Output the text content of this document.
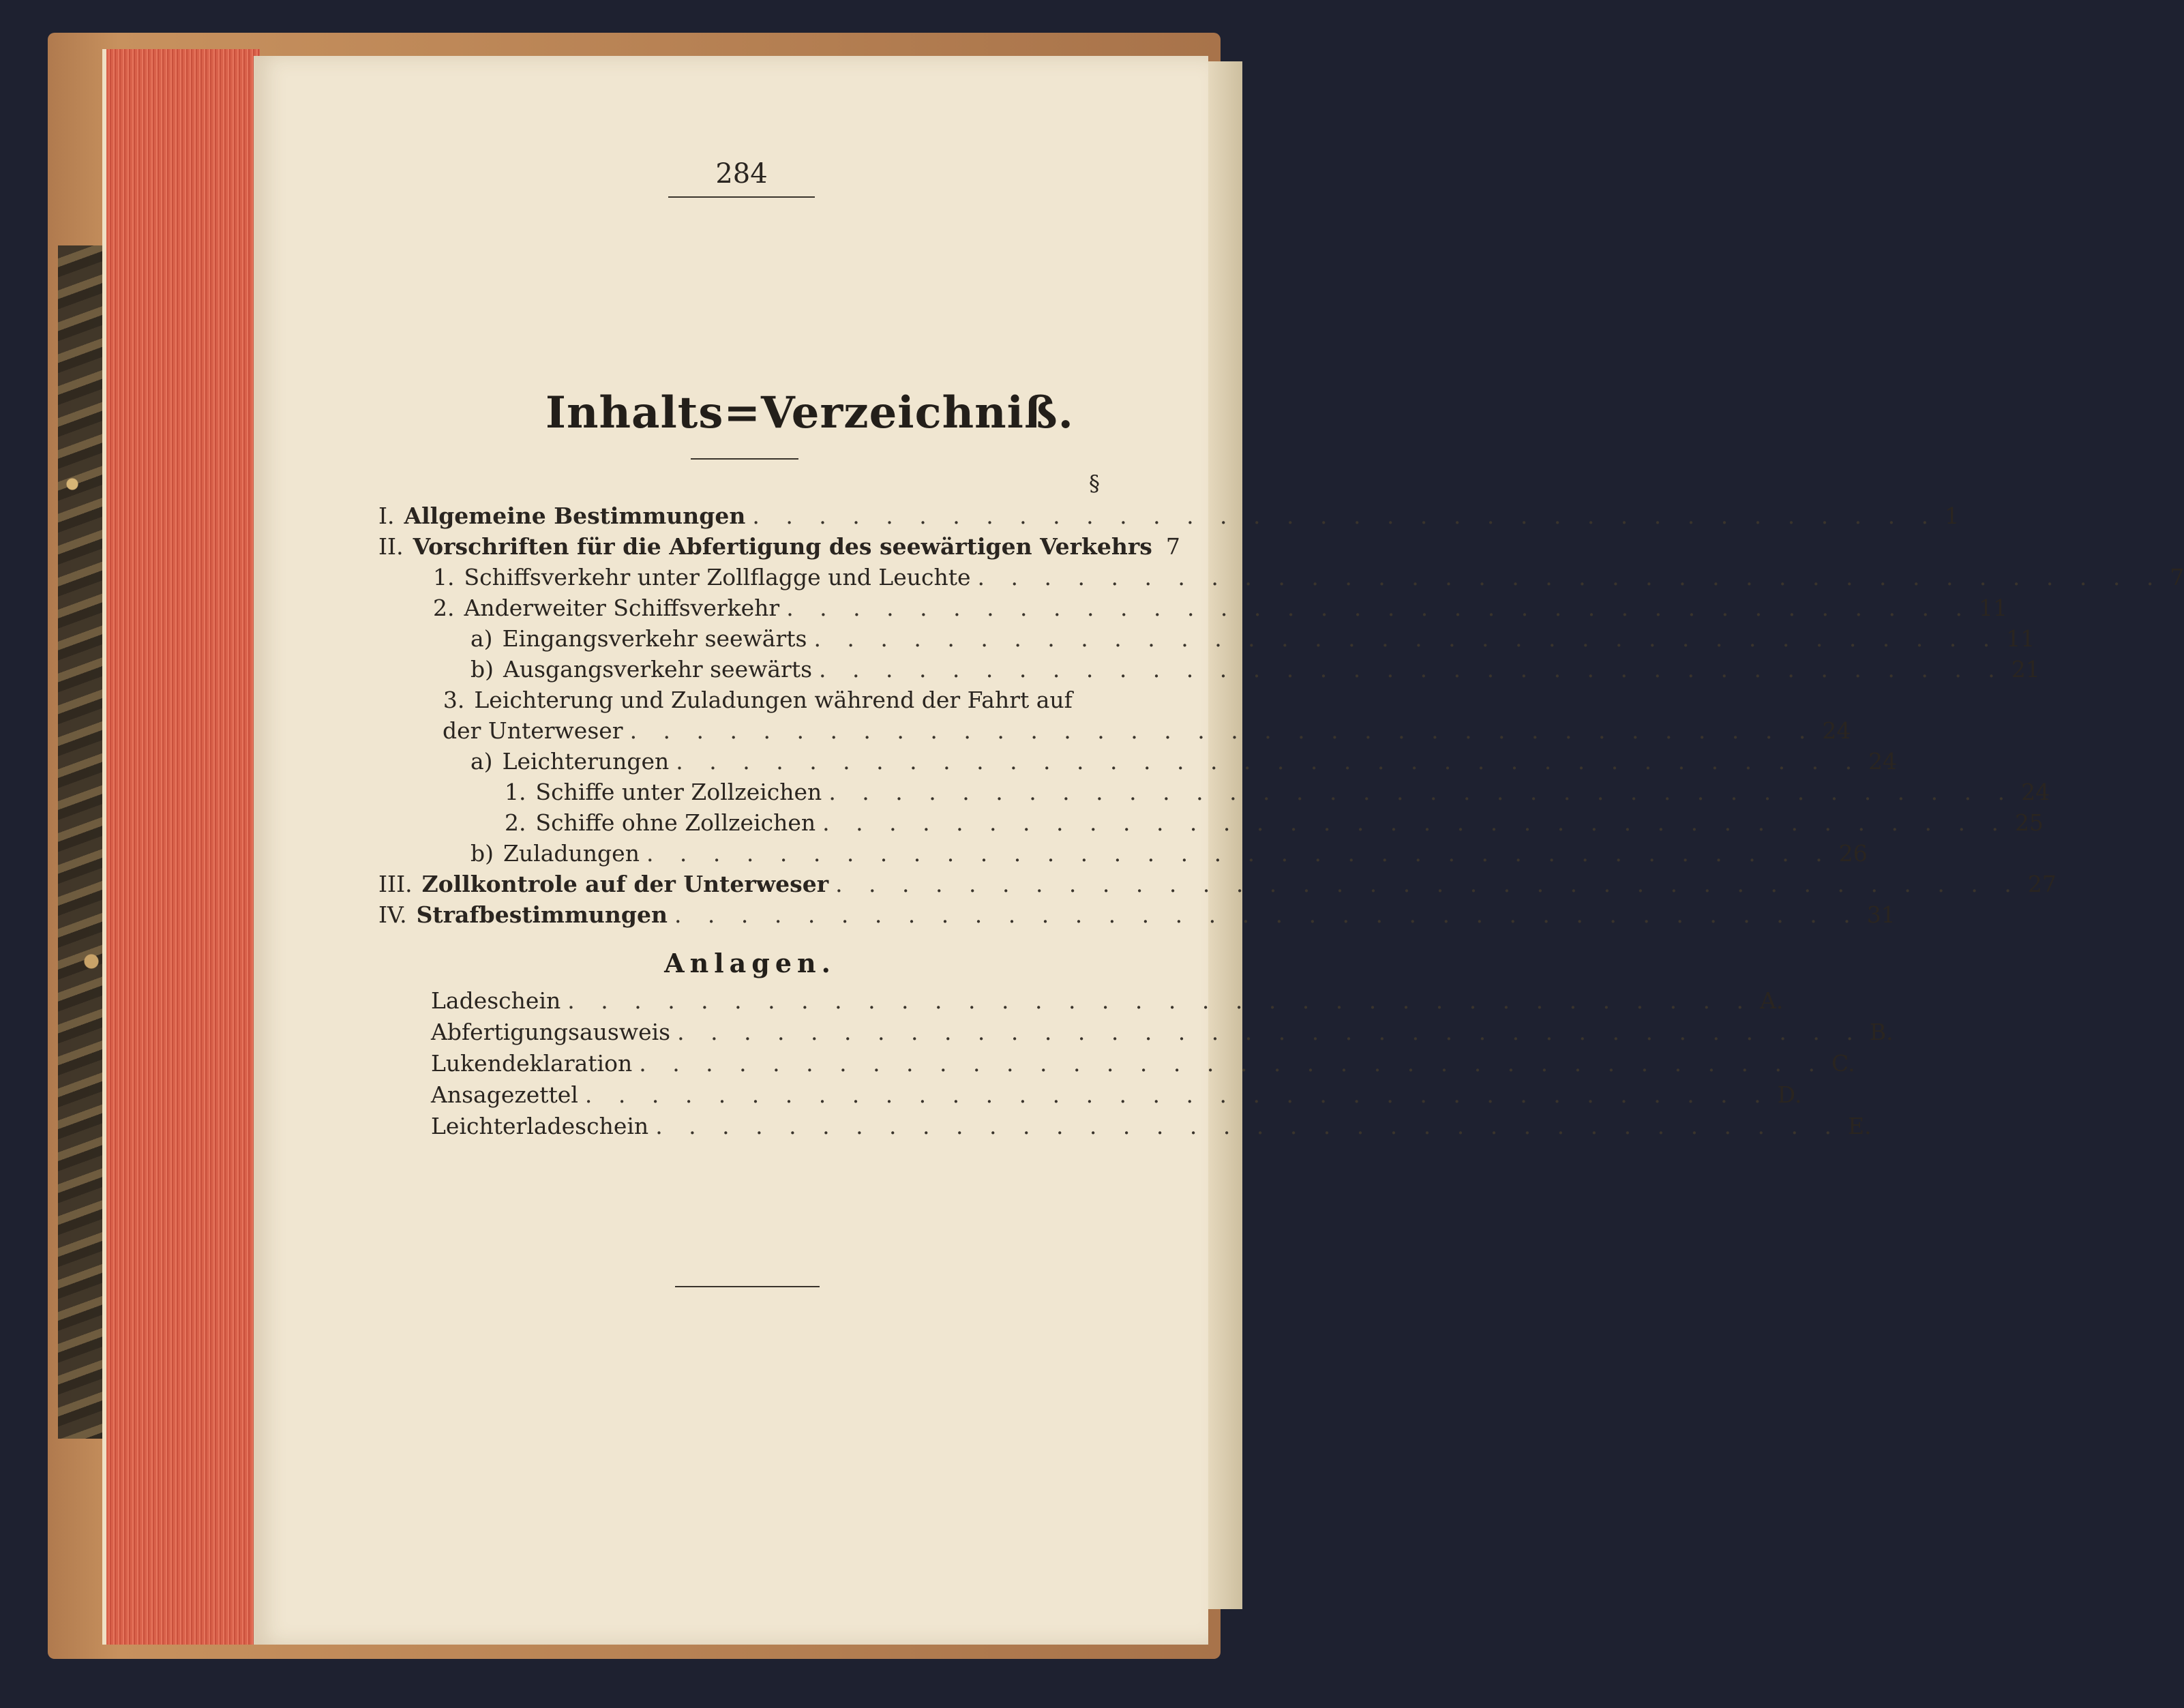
284
Inhalts=Verzeichniß.
§
I. Allgemeine Bestimmungen . . . . . . . . . . . . . . . . . . . . . . . . . . . . . . . . . . . . 1
II. Vorschriften für die Abfertigung des seewärtigen Verkehrs 7
1. Schiffsverkehr unter Zollflagge und Leuchte . . . . . . . . . . . . . . . . . . . . . . . . . . . . . . . . . . . . 7
2. Anderweiter Schiffsverkehr . . . . . . . . . . . . . . . . . . . . . . . . . . . . . . . . . . . . 11
a) Eingangsverkehr seewärts . . . . . . . . . . . . . . . . . . . . . . . . . . . . . . . . . . . . 11
b) Ausgangsverkehr seewärts . . . . . . . . . . . . . . . . . . . . . . . . . . . . . . . . . . . . 21
3. Leichterung und Zuladungen während der Fahrt auf
der Unterweser . . . . . . . . . . . . . . . . . . . . . . . . . . . . . . . . . . . . 24
a) Leichterungen . . . . . . . . . . . . . . . . . . . . . . . . . . . . . . . . . . . . 24
1. Schiffe unter Zollzeichen . . . . . . . . . . . . . . . . . . . . . . . . . . . . . . . . . . . . 24
2. Schiffe ohne Zollzeichen . . . . . . . . . . . . . . . . . . . . . . . . . . . . . . . . . . . . 25
b) Zuladungen . . . . . . . . . . . . . . . . . . . . . . . . . . . . . . . . . . . . 26
III. Zollkontrole auf der Unterweser . . . . . . . . . . . . . . . . . . . . . . . . . . . . . . . . . . . . 27
IV. Strafbestimmungen . . . . . . . . . . . . . . . . . . . . . . . . . . . . . . . . . . . . 31
Anlagen.
Ladeschein . . . . . . . . . . . . . . . . . . . . . . . . . . . . . . . . . . . . A.
Abfertigungsausweis . . . . . . . . . . . . . . . . . . . . . . . . . . . . . . . . . . . . B.
Lukendeklaration . . . . . . . . . . . . . . . . . . . . . . . . . . . . . . . . . . . . C.
Ansagezettel . . . . . . . . . . . . . . . . . . . . . . . . . . . . . . . . . . . . D.
Leichterladeschein . . . . . . . . . . . . . . . . . . . . . . . . . . . . . . . . . . . . E.
